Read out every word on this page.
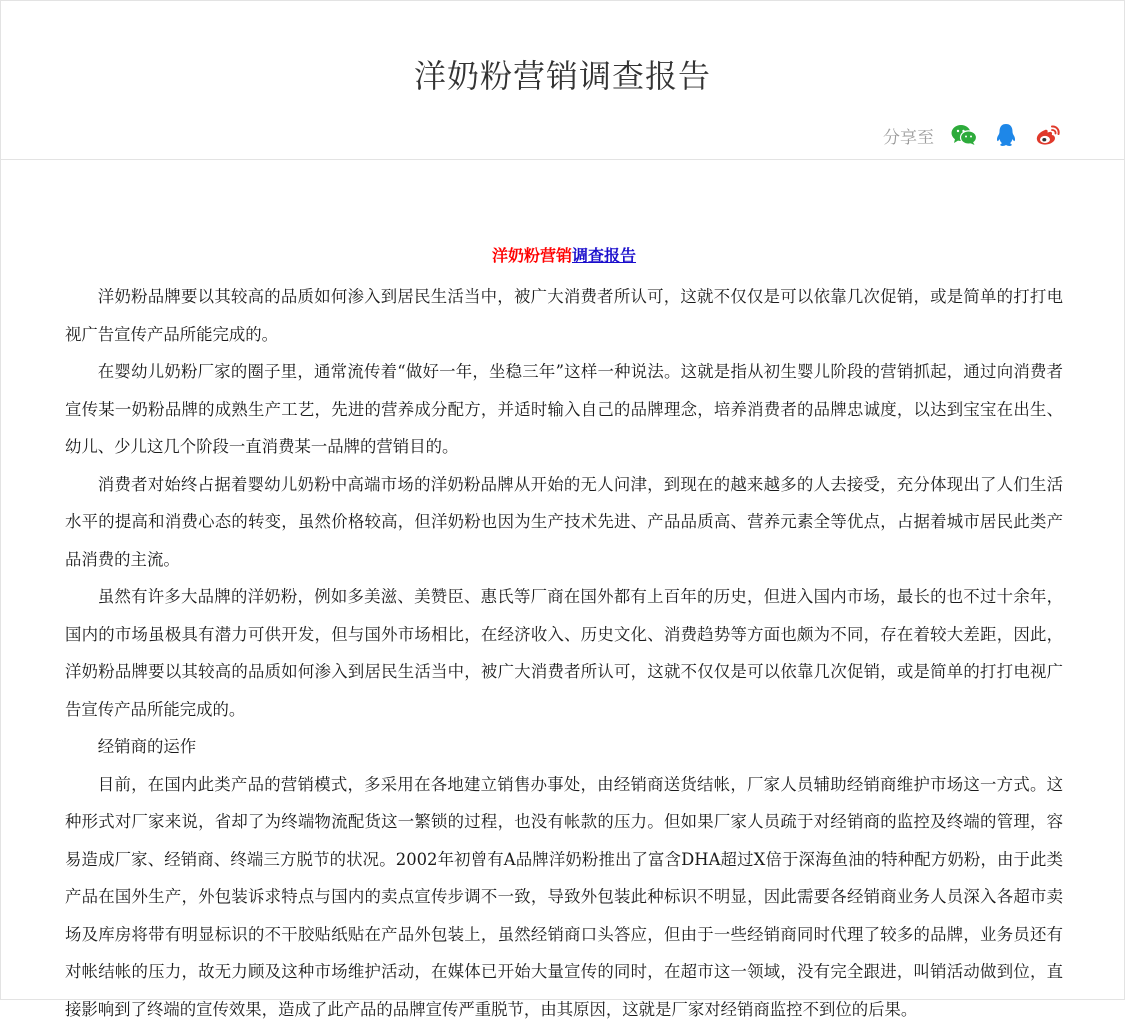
洋奶粉营销调查报告
分享至
洋奶粉营销调查报告

洋奶粉品牌要以其较高的品质如何渗入到居民生活当中，被广大消费者所认可，这就不仅仅是可以依靠几次促销，或是简单的打打电视广告宣传产品所能完成的。

在婴幼儿奶粉厂家的圈子里，通常流传着“做好一年，坐稳三年”这样一种说法。这就是指从初生婴儿阶段的营销抓起，通过向消费者宣传某一奶粉品牌的成熟生产工艺，先进的营养成分配方，并适时输入自己的品牌理念，培养消费者的品牌忠诚度，以达到宝宝在出生、幼儿、少儿这几个阶段一直消费某一品牌的营销目的。

消费者对始终占据着婴幼儿奶粉中高端市场的洋奶粉品牌从开始的无人问津，到现在的越来越多的人去接受，充分体现出了人们生活水平的提高和消费心态的转变，虽然价格较高，但洋奶粉也因为生产技术先进、产品品质高、营养元素全等优点，占据着城市居民此类产品消费的主流。

虽然有许多大品牌的洋奶粉，例如多美滋、美赞臣、惠氏等厂商在国外都有上百年的历史，但进入国内市场，最长的也不过十余年，国内的市场虽极具有潜力可供开发，但与国外市场相比，在经济收入、历史文化、消费趋势等方面也颇为不同，存在着较大差距，因此，洋奶粉品牌要以其较高的品质如何渗入到居民生活当中，被广大消费者所认可，这就不仅仅是可以依靠几次促销，或是简单的打打电视广告宣传产品所能完成的。

经销商的运作

目前，在国内此类产品的营销模式，多采用在各地建立销售办事处，由经销商送货结帐，厂家人员辅助经销商维护市场这一方式。这种形式对厂家来说，省却了为终端物流配货这一繁锁的过程，也没有帐款的压力。但如果厂家人员疏于对经销商的监控及终端的管理，容易造成厂家、经销商、终端三方脱节的状况。2002年初曾有A品牌洋奶粉推出了富含DHA超过X倍于深海鱼油的特种配方奶粉，由于此类产品在国外生产，外包装诉求特点与国内的卖点宣传步调不一致，导致外包装此种标识不明显，因此需要各经销商业务人员深入各超市卖场及库房将带有明显标识的不干胶贴纸贴在产品外包装上，虽然经销商口头答应，但由于一些经销商同时代理了较多的品牌，业务员还有对帐结帐的压力，故无力顾及这种市场维护活动，在媒体已开始大量宣传的同时，在超市这一领域，没有完全跟进，叫销活动做到位，直接影响到了终端的宣传效果，造成了此产品的品牌宣传严重脱节，由其原因，这就是厂家对经销商监控不到位的后果。
